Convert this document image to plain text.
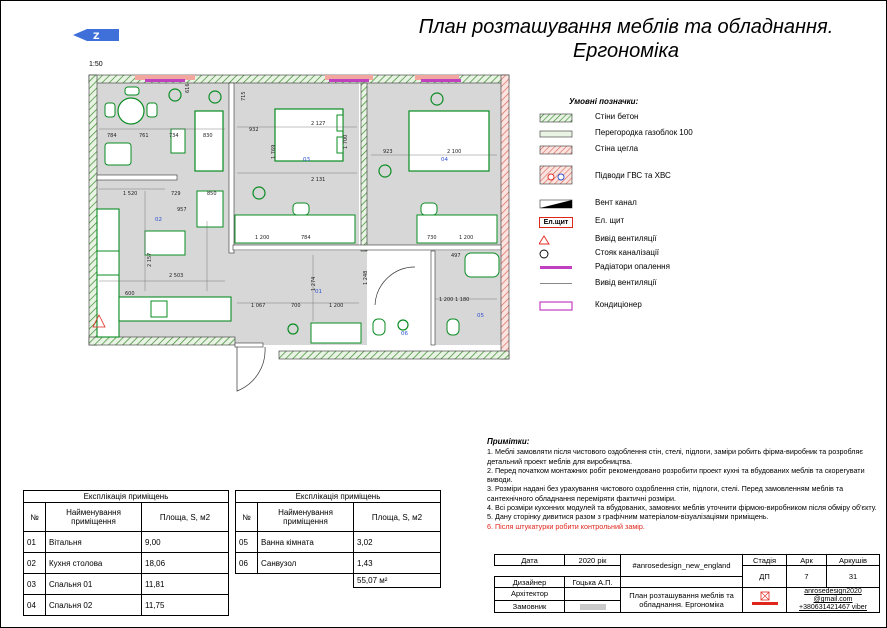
Z	План розташування меблів та обладнання.
Ергономіка
1:50
784	761	734	830
616
715
932
2 127
1 700
1 769
2 131
923	2 100
1 520	729	850
957
600
2 157
2 503
1 200	784	730	1 200
497
1 067	700	1 200
1 180
1 274	1 248
1 200
02
03	04
01
06
05
Умовні позначки:
Стіни бетон
Перегородка газоблок 100
Стіна цегла
Підводи ГВС та ХВС
Вент канал
Ел.щит	Ел. щит
Вивід вентиляції
Стояк каналізації
Радіатори опалення
Вивід вентиляції
Кондиціонер
Примітки:
1. Меблі замовляти після чистового оздоблення стін, стелі, підлоги, заміри робить фірма-виробник та розробляє детальний проект меблів для виробництва.
2. Перед початком монтажних робіт рекомендовано розробити проект кухні та вбудованих меблів та скорегувати виводи.
3. Розміри надані без урахування чистового оздоблення стін, підлоги, стелі. Перед замовленням меблів та сантехнічного обладнання переміряти фактичні розміри.
4. Всі розміри кухонних модулей та вбудованих, замовних меблів уточнити фірмою-виробником після обміру об'єкту.
5. Дану сторінку дивитися разом з графічним матеріалом-візуалізаціями приміщень.
6. Після штукатурки робити контрольний замір.
Експлікація приміщень		
№	Найменування приміщення	Площа, S, м2
01	Вітальня	9,00
02	Кухня столова	18,06
03	Спальня 01	11,81
04	Спальня 02	11,75
Експлікація приміщень		
№	Найменування приміщення	Площа, S, м2
05	Ванна кімната	3,02
06	Санвузол	1,43
		55,07 м²
Дата	2020 рік	#anrosedesign_new_england	Стадія	Арк	Аркушів
			ДП	7	31
Дизайнер	Гоцька А.П.				
Архітектор		План розташування меблів та обладнання. Ергономіка		anrosedesign2020
@gmail.com
+380631421467 viber	

Замовник					
